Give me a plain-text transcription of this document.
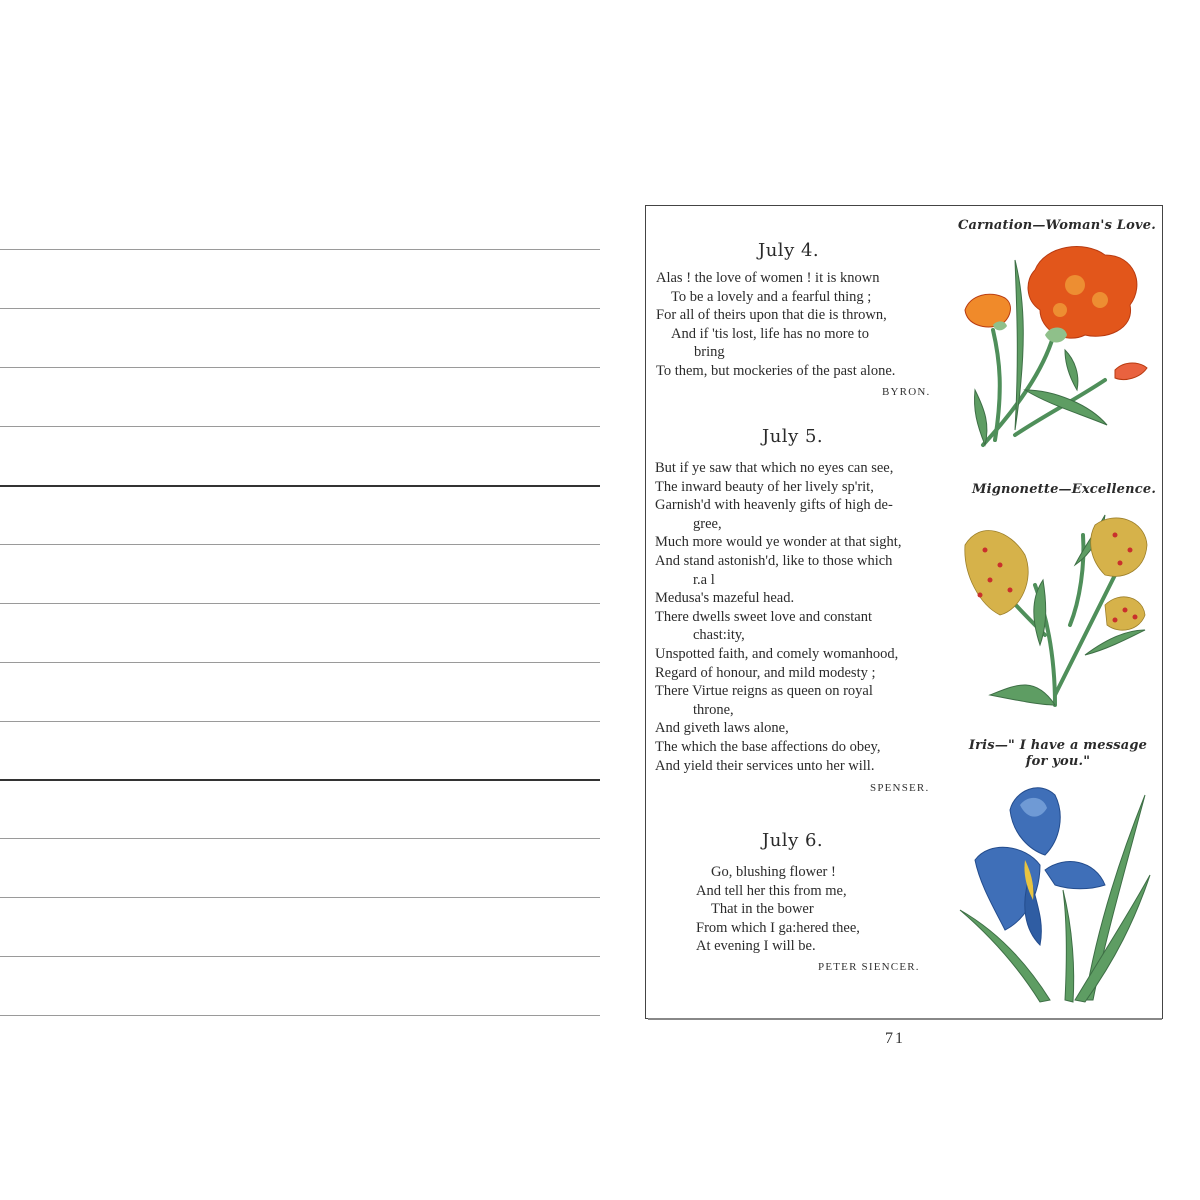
July 4.
Alas ! the love of women ! it is known
To be a lovely and a fearful thing ;
For all of theirs upon that die is thrown,
And if 'tis lost, life has no more to
bring
To them, but mockeries of the past alone.
BYRON.
July 5.
But if ye saw that which no eyes can see,
The inward beauty of her lively sp'rit,
Garnish'd with heavenly gifts of high de-
gree,
Much more would ye wonder at that sight,
And stand astonish'd, like to those which
r.a l
Medusa's mazeful head.
There dwells sweet love and constant
chast:ity,
Unspotted faith, and comely womanhood,
Regard of honour, and mild modesty ;
There Virtue reigns as queen on royal
throne,
And giveth laws alone,
The which the base affections do obey,
And yield their services unto her will.
SPENSER.
July 6.
Go, blushing flower !
And tell her this from me,
That in the bower
From which I ga:hered thee,
At evening I will be.
PETER SIENCER.
Carnation—Woman's Love.
Mignonette—Excellence.
Iris—" I have a message
for you."
71
